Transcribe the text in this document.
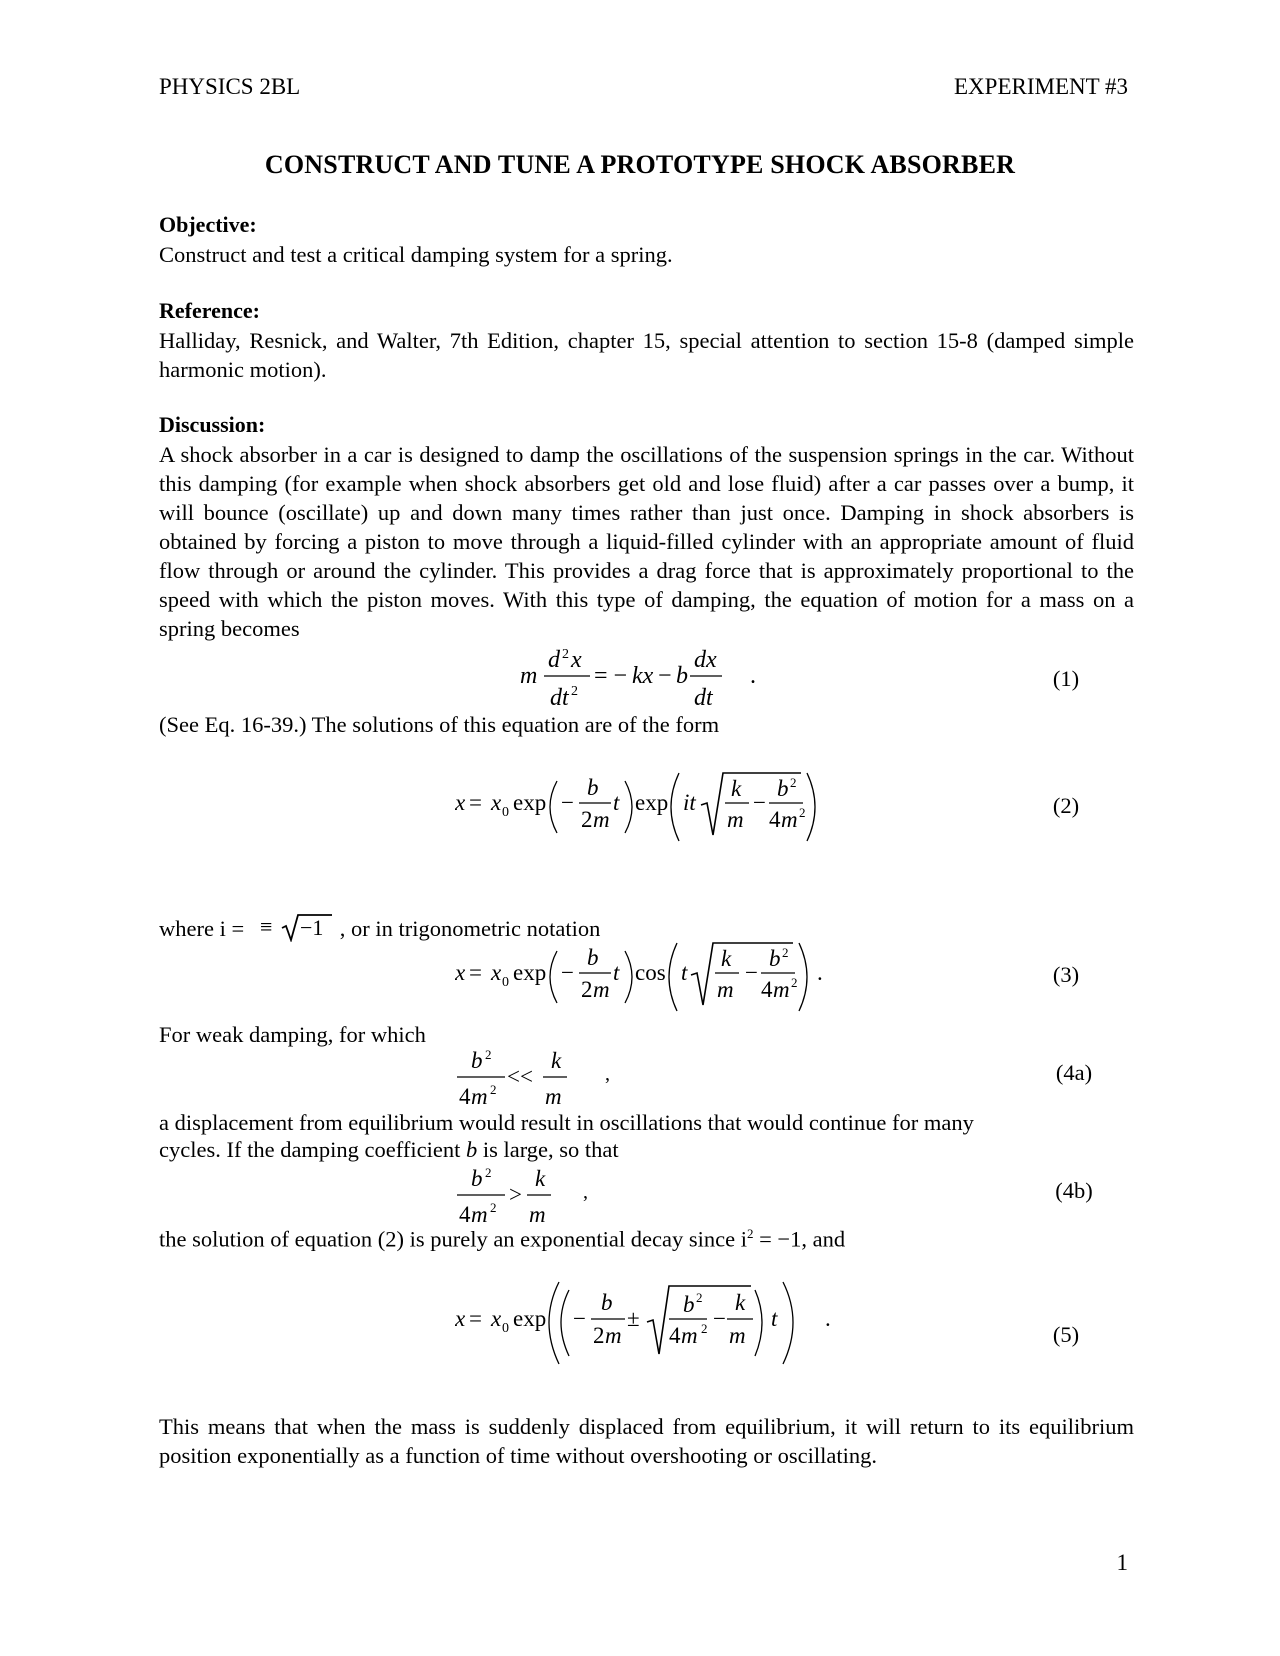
PHYSICS 2BL	EXPERIMENT #3
CONSTRUCT AND TUNE A PROTOTYPE SHOCK ABSORBER
Objective:
Construct and test a critical damping system for a spring.
Reference:
Halliday, Resnick, and Walter, 7th Edition, chapter 15, special attention to section 15-8 (damped simple harmonic motion).
Discussion:
A shock absorber in a car is designed to damp the oscillations of the suspension springs in the car. Without this damping (for example when shock absorbers get old and lose fluid) after a car passes over a bump, it will bounce (oscillate) up and down many times rather than just once. Damping in shock absorbers is obtained by forcing a piston to move through a liquid-filled cylinder with an appropriate amount of fluid flow through or around the cylinder. This provides a drag force that is approximately proportional to the speed with which the piston moves. With this type of damping, the equation of motion for a mass on a spring becomes
m
d 2 x
dt 2
= − kx − b
dx
dt
.	(1)
(See Eq. 16-39.) The solutions of this equation are of the form
x = x 0 exp −
b
2 m
t exp it
k
m
−
b 2
4 m 2	(2)
where i = ≡ −1 , or in trigonometric notation
x = x 0 exp −
b
2 m
t cos t
k
m
−
b 2
4 m 2 .	(3)
For weak damping, for which
b 2
4 m 2
<<
k
m
,	(4a)
a displacement from equilibrium would result in oscillations that would continue for many
cycles. If the damping coefficient b is large, so that
b 2
4 m 2
>
k
m
,	(4b)
the solution of equation (2) is purely an exponential decay since $i^2 = -1$, and
x = x 0 exp −
b
2 m
±
b 2
4 m 2 −
k
m
t .
(5)
This means that when the mass is suddenly displaced from equilibrium, it will return to its equilibrium position exponentially as a function of time without overshooting or oscillating.
1
